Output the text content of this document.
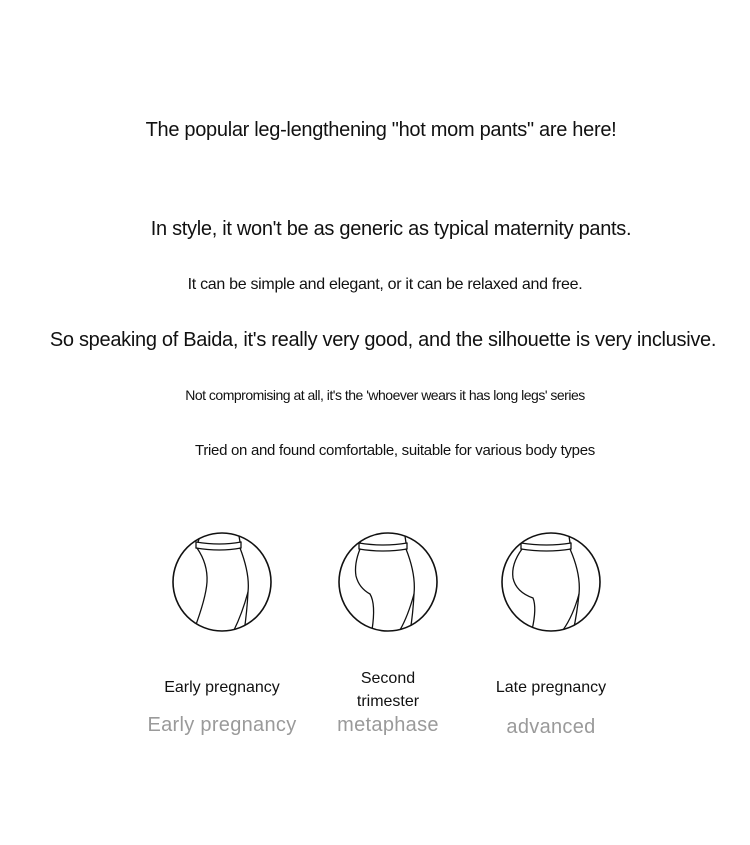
The popular leg-lengthening "hot mom pants" are here!
In style, it won't be as generic as typical maternity pants.
It can be simple and elegant, or it can be relaxed and free.
So speaking of Baida, it's really very good, and the silhouette is very inclusive.
Not compromising at all, it's the 'whoever wears it has long legs' series
Tried on and found comfortable, suitable for various body types
Early pregnancy
Early pregnancy
Second trimester
metaphase
Late pregnancy
advanced
